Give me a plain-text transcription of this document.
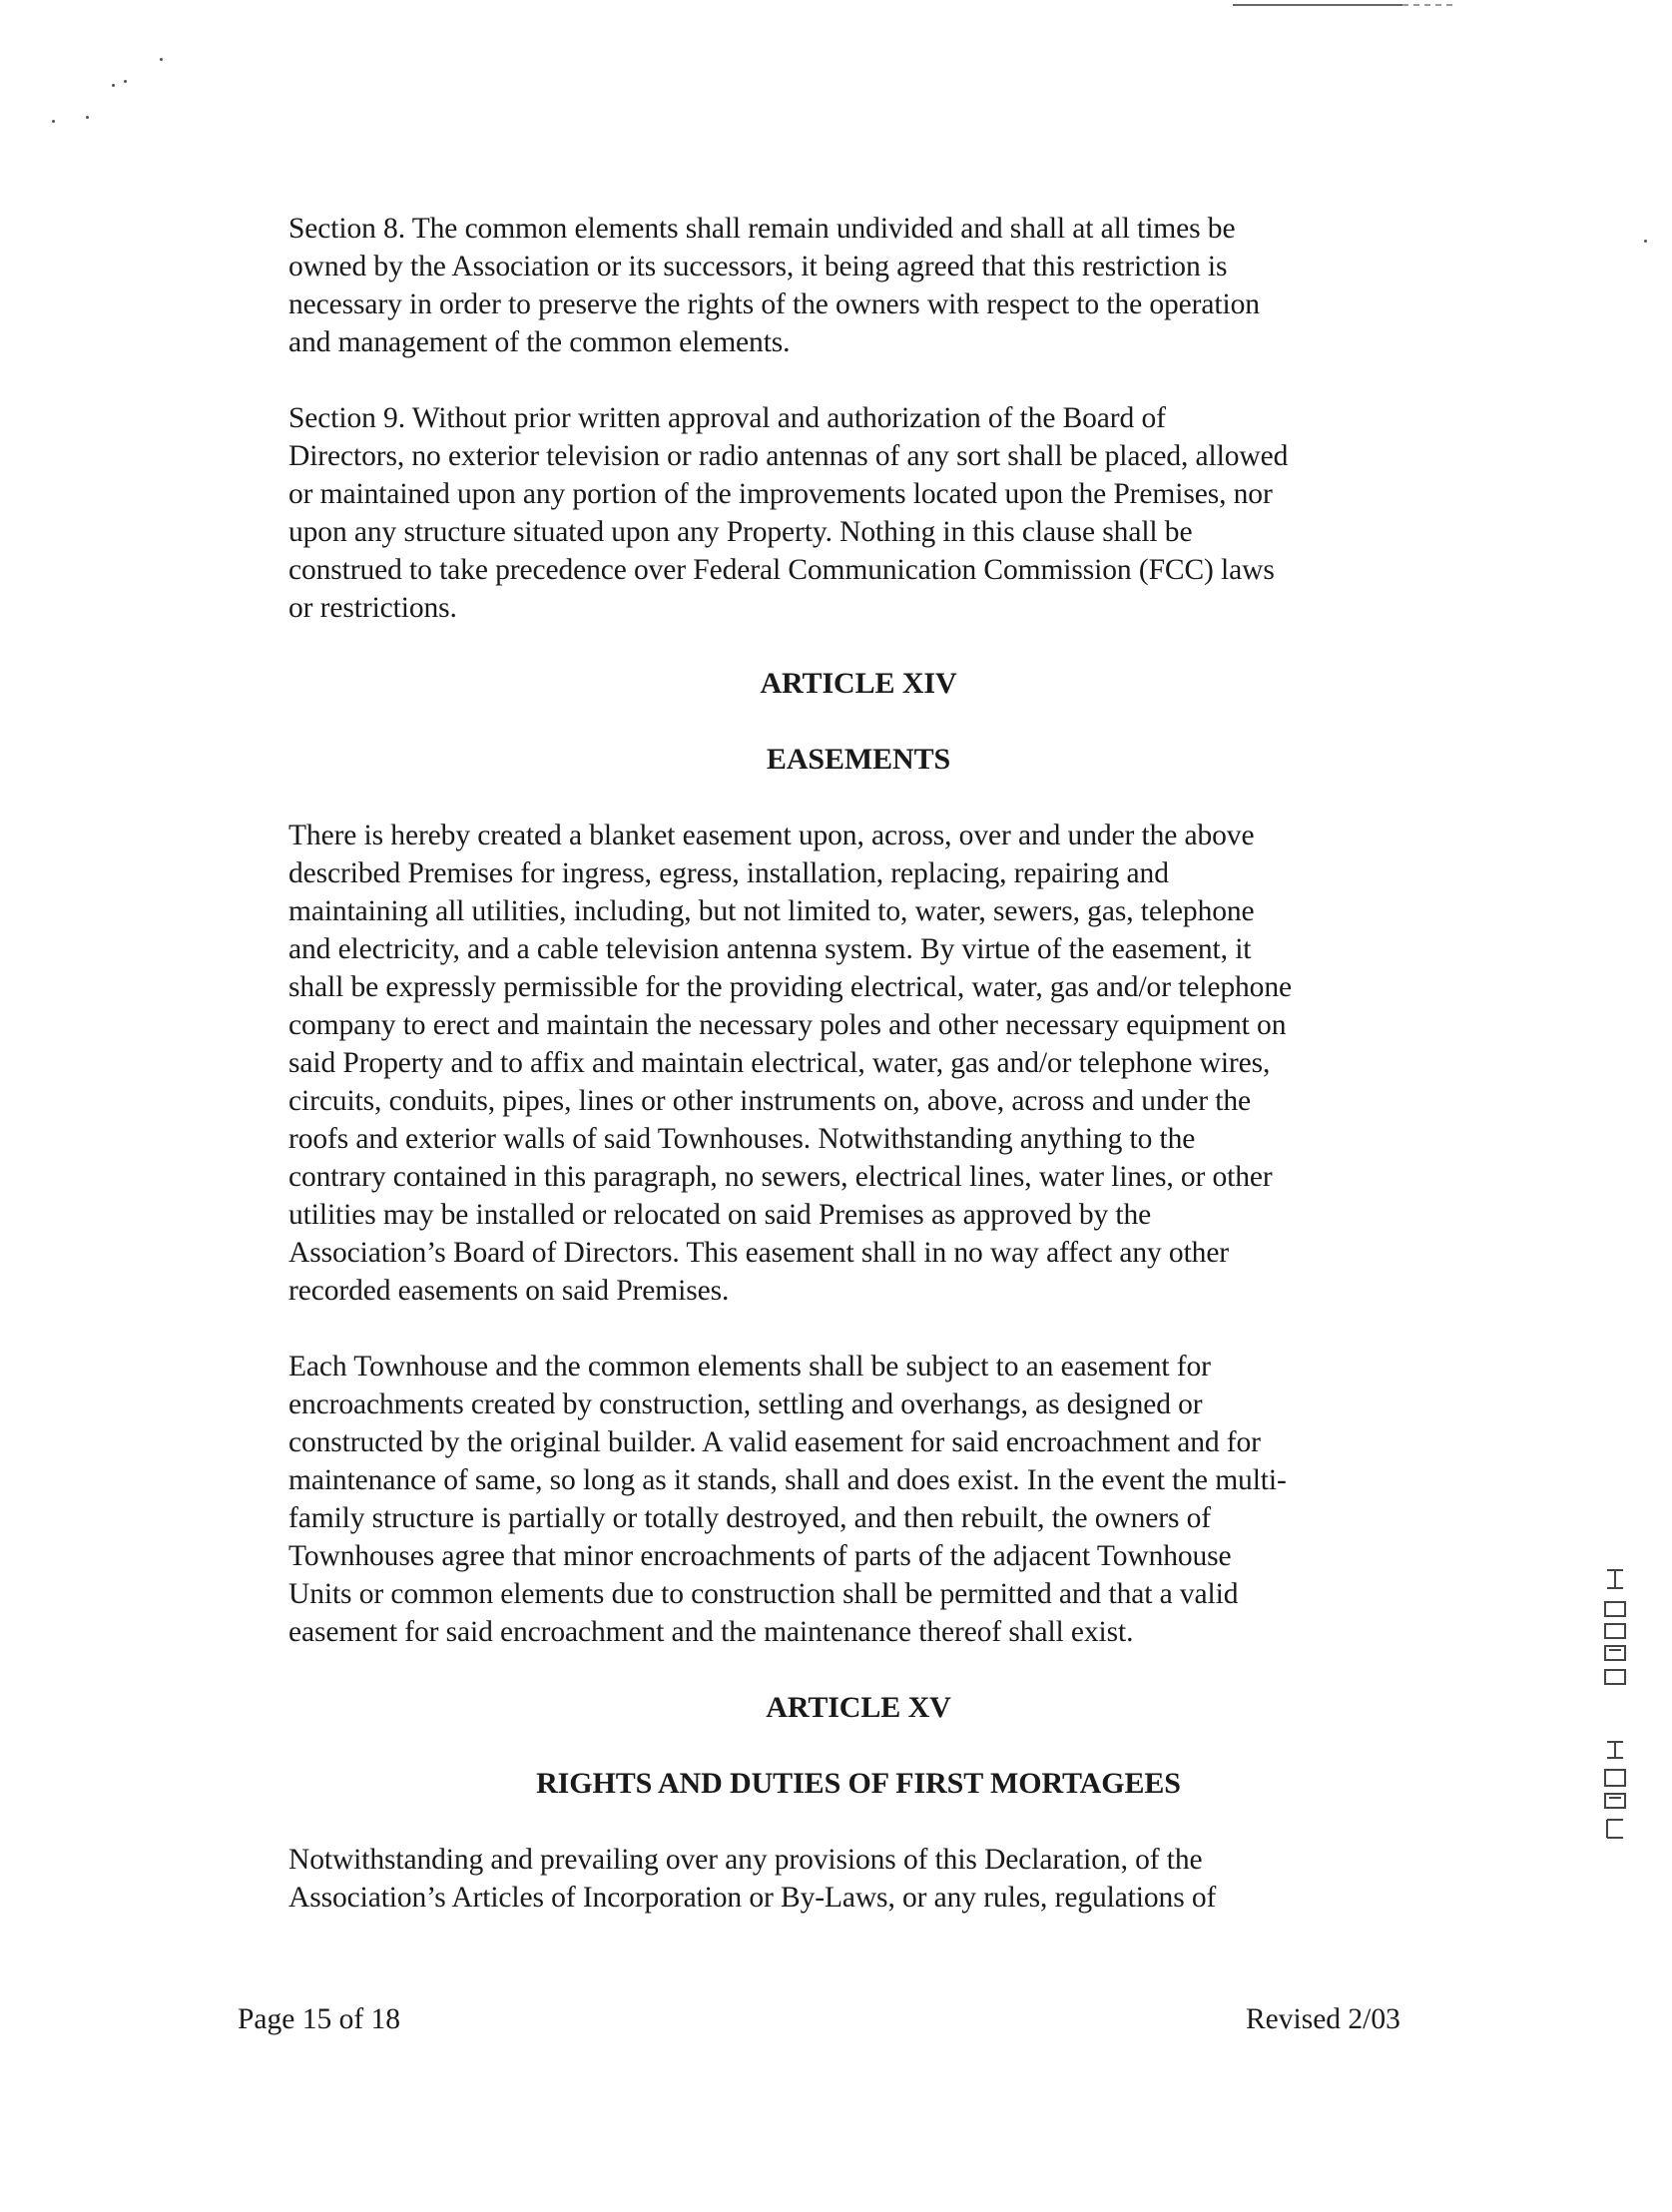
Section 8. The common elements shall remain undivided and shall at all times be
owned by the Association or its successors, it being agreed that this restriction is
necessary in order to preserve the rights of the owners with respect to the operation
and management of the common elements.
Section 9. Without prior written approval and authorization of the Board of
Directors, no exterior television or radio antennas of any sort shall be placed, allowed
or maintained upon any portion of the improvements located upon the Premises, nor
upon any structure situated upon any Property. Nothing in this clause shall be
construed to take precedence over Federal Communication Commission (FCC) laws
or restrictions.
ARTICLE XIV
EASEMENTS
There is hereby created a blanket easement upon, across, over and under the above
described Premises for ingress, egress, installation, replacing, repairing and
maintaining all utilities, including, but not limited to, water, sewers, gas, telephone
and electricity, and a cable television antenna system. By virtue of the easement, it
shall be expressly permissible for the providing electrical, water, gas and/or telephone
company to erect and maintain the necessary poles and other necessary equipment on
said Property and to affix and maintain electrical, water, gas and/or telephone wires,
circuits, conduits, pipes, lines or other instruments on, above, across and under the
roofs and exterior walls of said Townhouses. Notwithstanding anything to the
contrary contained in this paragraph, no sewers, electrical lines, water lines, or other
utilities may be installed or relocated on said Premises as approved by the
Association’s Board of Directors. This easement shall in no way affect any other
recorded easements on said Premises.
Each Townhouse and the common elements shall be subject to an easement for
encroachments created by construction, settling and overhangs, as designed or
constructed by the original builder. A valid easement for said encroachment and for
maintenance of same, so long as it stands, shall and does exist. In the event the multi-
family structure is partially or totally destroyed, and then rebuilt, the owners of
Townhouses agree that minor encroachments of parts of the adjacent Townhouse
Units or common elements due to construction shall be permitted and that a valid
easement for said encroachment and the maintenance thereof shall exist.
ARTICLE XV
RIGHTS AND DUTIES OF FIRST MORTAGEES
Notwithstanding and prevailing over any provisions of this Declaration, of the
Association’s Articles of Incorporation or By-Laws, or any rules, regulations of
Page 15 of 18	Revised 2/03
